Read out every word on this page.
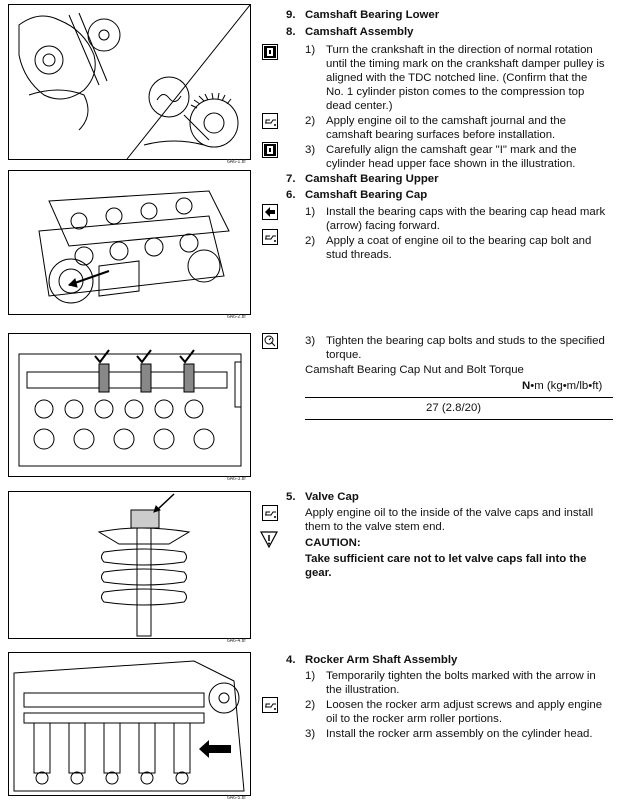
6A6-1.tif
6A6-2.tif
6A6-3.tif
6A6-4.tif
6A6-5.tif
9. Camshaft Bearing Lower
8. Camshaft Assembly
1) Turn the crankshaft in the direction of normal rotation
until the timing mark on the crankshaft damper pulley is
aligned with the TDC notched line. (Confirm that the
No. 1 cylinder piston comes to the compression top
dead center.)
2) Apply engine oil to the camshaft journal and the
camshaft bearing surfaces before installation.
3) Carefully align the camshaft gear "I" mark and the
cylinder head upper face shown in the illustration.
7. Camshaft Bearing Upper
6. Camshaft Bearing Cap
1) Install the bearing caps with the bearing cap head mark
(arrow) facing forward.
2) Apply a coat of engine oil to the bearing cap bolt and
stud threads.
3) Tighten the bearing cap bolts and studs to the specified
torque.
Camshaft Bearing Cap Nut and Bolt Torque
N•m (kg•m/lb•ft)
27 (2.8/20)
5. Valve Cap
Apply engine oil to the inside of the valve caps and install
them to the valve stem end.
CAUTION:
Take sufficient care not to let valve caps fall into the
gear.
4. Rocker Arm Shaft Assembly
1) Temporarily tighten the bolts marked with the arrow in
the illustration.
2) Loosen the rocker arm adjust screws and apply engine
oil to the rocker arm roller portions.
3) Install the rocker arm assembly on the cylinder head.
